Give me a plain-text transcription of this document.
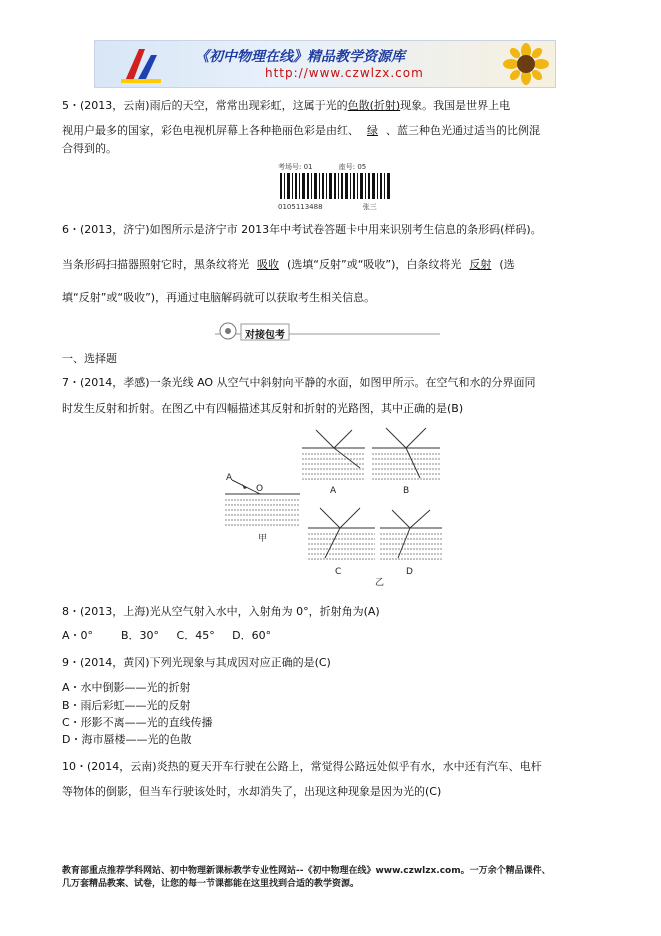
《初中物理在线》精品教学资源库
http://www.czwlzx.com
5・(2013，云南)雨后的天空，常常出现彩虹，这属于光的色散(折射)现象。我国是世界上电
视用户最多的国家，彩色电视机屏幕上各种艳丽色彩是由红、 绿 、蓝三种色光通过适当的比例混
合得到的。
考场号: 01	座号: 05
0105113488	张三
6・(2013，济宁)如图所示是济宁市 2013年中考试卷答题卡中用来识别考生信息的条形码(样码)。
当条形码扫描器照射它时，黑条纹将光 吸收 (选填“反射”或“吸收”)，白条纹将光 反射 (选
填“反射”或“吸收”)，再通过电脑解码就可以获取考生相关信息。
对接包考
一、选择题
7・(2014，孝感)一条光线 AO 从空气中斜射向平静的水面，如图甲所示。在空气和水的分界面同
时发生反射和折射。在图乙中有四幅描述其反射和折射的光路图，其中正确的是(B)
A
O
甲
A	B
C	D
乙
8・(2013，上海)光从空气射入水中，入射角为 0°，折射角为(A)
A・0°        B．30°     C．45°     D．60°
9・(2014，黄冈)下列光现象与其成因对应正确的是(C)
A・水中倒影——光的折射
B・雨后彩虹——光的反射
C・形影不离——光的直线传播
D・海市蜃楼——光的色散
10・(2014，云南)炎热的夏天开车行驶在公路上，常觉得公路远处似乎有水，水中还有汽车、电杆
等物体的倒影，但当车行驶该处时，水却消失了，出现这种现象是因为光的(C)
教育部重点推荐学科网站、初中物理新课标教学专业性网站--《初中物理在线》www.czwlzx.com。一万余个精品课件、
几万套精品教案、试卷，让您的每一节课都能在这里找到合适的教学资源。
